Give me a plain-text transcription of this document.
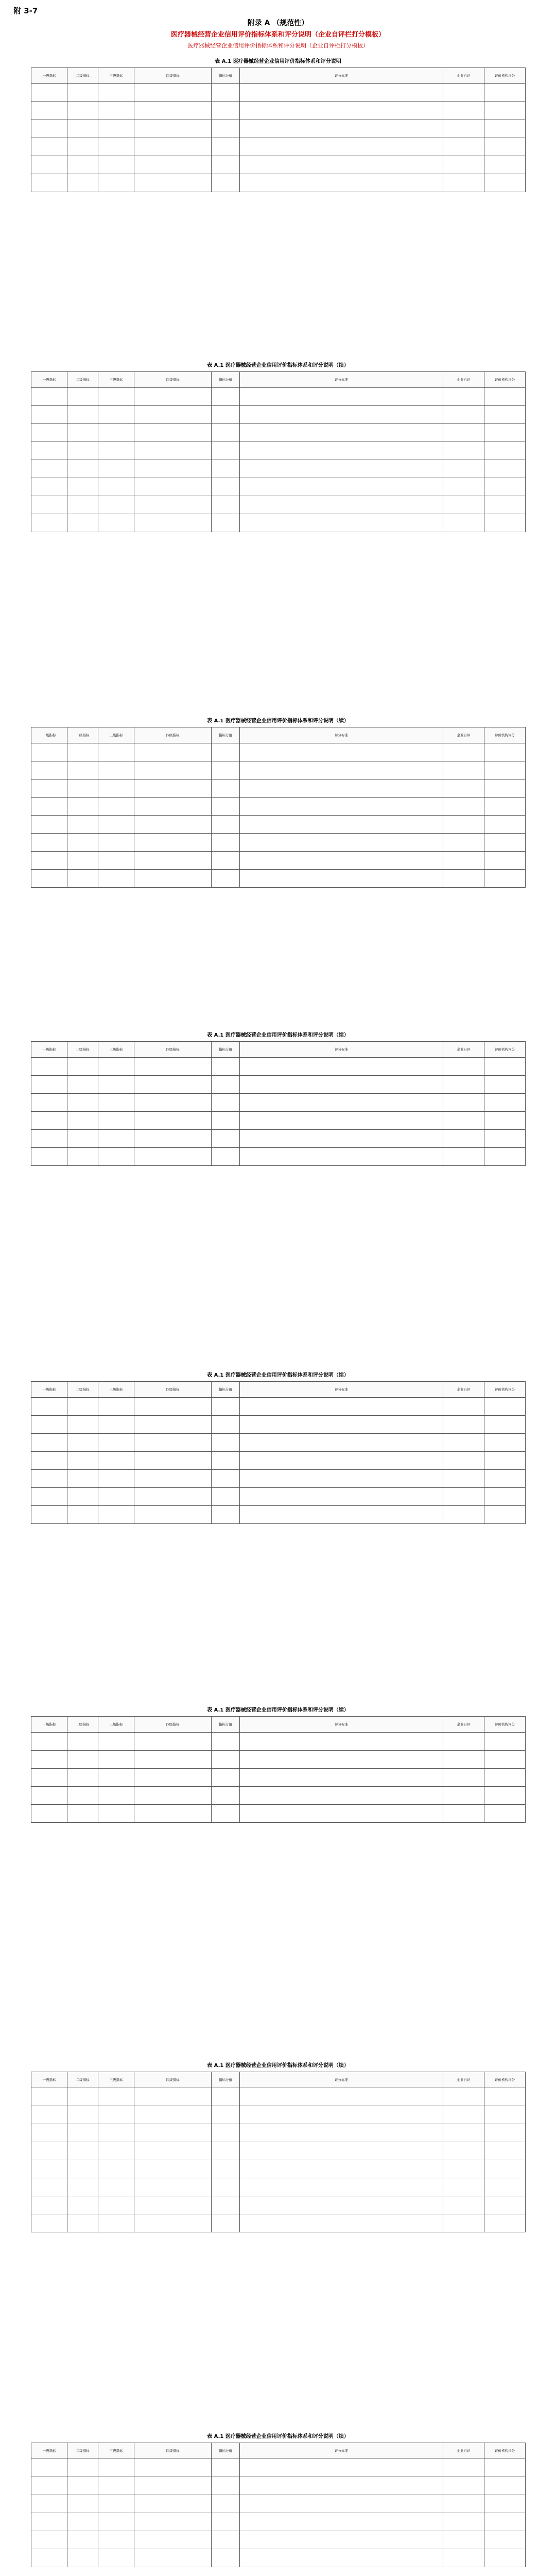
附 3-7
附录 A （规范性）
医疗器械经营企业信用评价指标体系和评分说明（企业自评栏打分模板）
医疗器械经营企业信用评价指标体系和评分说明（企业自评栏打分模板）
表 A.1 医疗器械经营企业信用评价指标体系和评分说明
一级指标	二级指标	三级指标	四级指标	指标分值	评分标准	企业自评	评价机构评分

表 A.1 医疗器械经营企业信用评价指标体系和评分说明（续）
一级指标	二级指标	三级指标	四级指标	指标分值	评分标准	企业自评	评价机构评分

表 A.1 医疗器械经营企业信用评价指标体系和评分说明（续）
一级指标	二级指标	三级指标	四级指标	指标分值	评分标准	企业自评	评价机构评分

表 A.1 医疗器械经营企业信用评价指标体系和评分说明（续）
一级指标	二级指标	三级指标	四级指标	指标分值	评分标准	企业自评	评价机构评分

表 A.1 医疗器械经营企业信用评价指标体系和评分说明（续）
一级指标	二级指标	三级指标	四级指标	指标分值	评分标准	企业自评	评价机构评分

表 A.1 医疗器械经营企业信用评价指标体系和评分说明（续）
一级指标	二级指标	三级指标	四级指标	指标分值	评分标准	企业自评	评价机构评分

表 A.1 医疗器械经营企业信用评价指标体系和评分说明（续）
一级指标	二级指标	三级指标	四级指标	指标分值	评分标准	企业自评	评价机构评分

表 A.1 医疗器械经营企业信用评价指标体系和评分说明（续）
一级指标	二级指标	三级指标	四级指标	指标分值	评分标准	企业自评	评价机构评分
